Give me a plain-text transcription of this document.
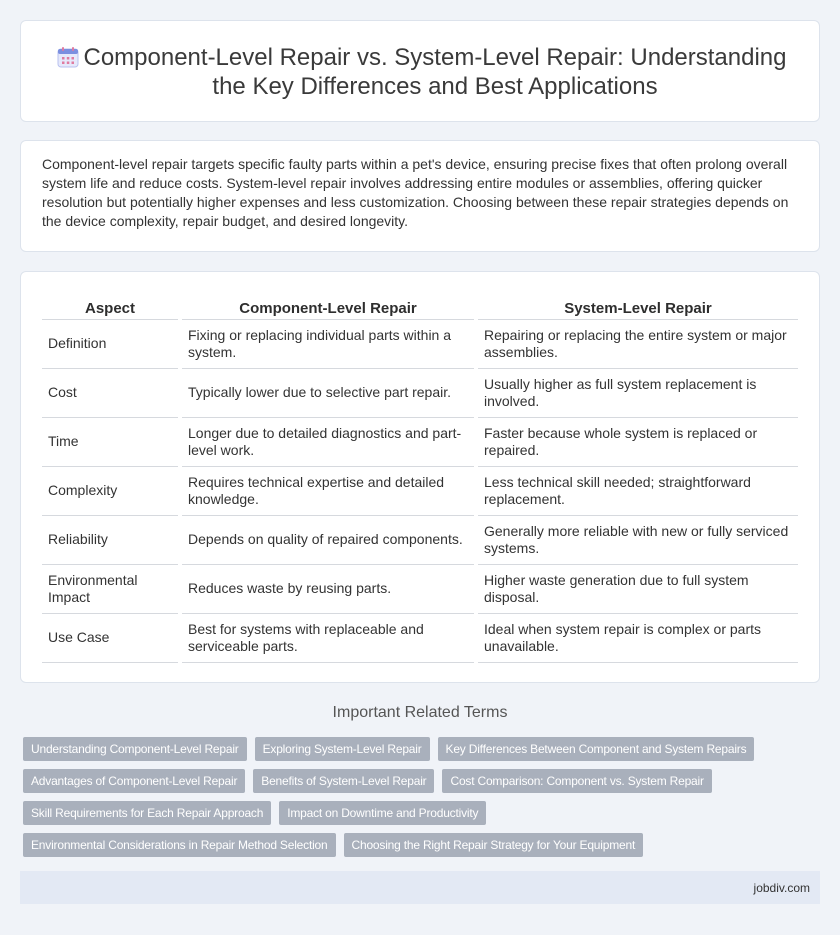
Component-Level Repair vs. System-Level Repair: Understanding the Key Differences and Best Applications

Component-level repair targets specific faulty parts within a pet's device, ensuring precise fixes that often prolong overall system life and reduce costs. System-level repair involves addressing entire modules or assemblies, offering quicker resolution but potentially higher expenses and less customization. Choosing between these repair strategies depends on the device complexity, repair budget, and desired longevity.

Aspect	Component-Level Repair	System-Level Repair
Definition	Fixing or replacing individual parts within a system.	Repairing or replacing the entire system or major assemblies.
Cost	Typically lower due to selective part repair.	Usually higher as full system replacement is involved.
Time	Longer due to detailed diagnostics and part-level work.	Faster because whole system is replaced or repaired.
Complexity	Requires technical expertise and detailed knowledge.	Less technical skill needed; straightforward replacement.
Reliability	Depends on quality of repaired components.	Generally more reliable with new or fully serviced systems.
Environmental Impact	Reduces waste by reusing parts.	Higher waste generation due to full system disposal.
Use Case	Best for systems with replaceable and serviceable parts.	Ideal when system repair is complex or parts unavailable.
Important Related Terms
Understanding Component-Level Repair	Exploring System-Level Repair	Key Differences Between Component and System Repairs
Advantages of Component-Level Repair	Benefits of System-Level Repair	Cost Comparison: Component vs. System Repair
Skill Requirements for Each Repair Approach	Impact on Downtime and Productivity
Environmental Considerations in Repair Method Selection	Choosing the Right Repair Strategy for Your Equipment
jobdiv.com
